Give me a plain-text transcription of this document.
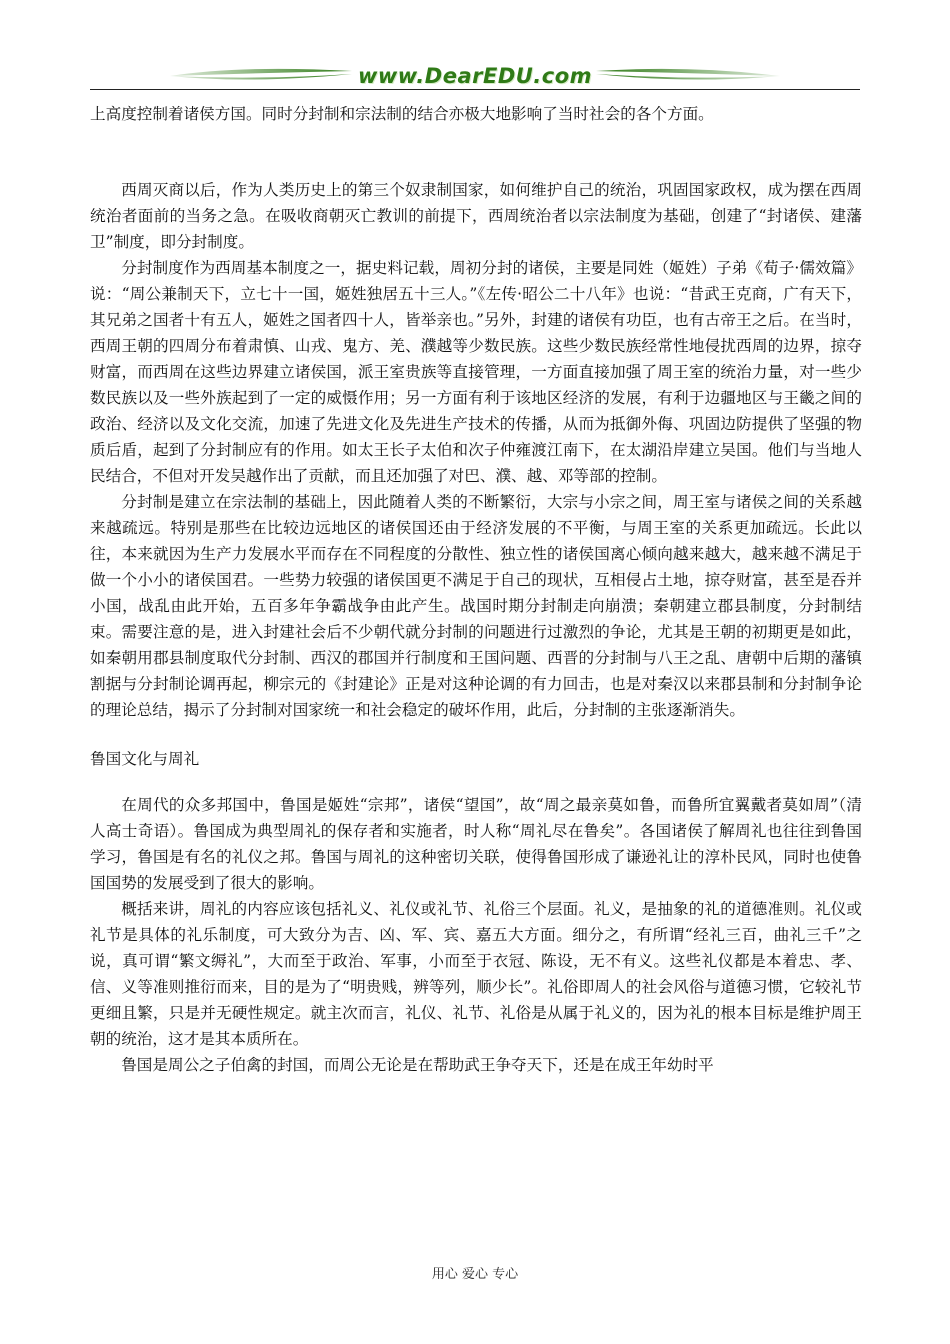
www.DearEDU.com

上高度控制着诸侯方国。同时分封制和宗法制的结合亦极大地影响了当时社会的各个方面。

西周灭商以后，作为人类历史上的第三个奴隶制国家，如何维护自己的统治，巩固国家政权，成为摆在西周统治者面前的当务之急。在吸收商朝灭亡教训的前提下，西周统治者以宗法制度为基础，创建了“封诸侯、建藩卫”制度，即分封制度。

分封制度作为西周基本制度之一，据史料记载，周初分封的诸侯，主要是同姓（姬姓）子弟《荀子·儒效篇》说：“周公兼制天下，立七十一国，姬姓独居五十三人。”《左传·昭公二十八年》也说：“昔武王克商，广有天下，其兄弟之国者十有五人，姬姓之国者四十人，皆举亲也。”另外，封建的诸侯有功臣，也有古帝王之后。在当时，西周王朝的四周分布着肃慎、山戎、鬼方、羌、濮越等少数民族。这些少数民族经常性地侵扰西周的边界，掠夺财富，而西周在这些边界建立诸侯国，派王室贵族等直接管理，一方面直接加强了周王室的统治力量，对一些少数民族以及一些外族起到了一定的威慑作用；另一方面有利于该地区经济的发展，有利于边疆地区与王畿之间的政治、经济以及文化交流，加速了先进文化及先进生产技术的传播，从而为抵御外侮、巩固边防提供了坚强的物质后盾，起到了分封制应有的作用。如太王长子太伯和次子仲雍渡江南下，在太湖沿岸建立吴国。他们与当地人民结合，不但对开发吴越作出了贡献，而且还加强了对巴、濮、越、邓等部的控制。

分封制是建立在宗法制的基础上，因此随着人类的不断繁衍，大宗与小宗之间，周王室与诸侯之间的关系越来越疏远。特别是那些在比较边远地区的诸侯国还由于经济发展的不平衡，与周王室的关系更加疏远。长此以往，本来就因为生产力发展水平而存在不同程度的分散性、独立性的诸侯国离心倾向越来越大，越来越不满足于做一个小小的诸侯国君。一些势力较强的诸侯国更不满足于自己的现状，互相侵占土地，掠夺财富，甚至是吞并小国，战乱由此开始，五百多年争霸战争由此产生。战国时期分封制走向崩溃；秦朝建立郡县制度，分封制结束。需要注意的是，进入封建社会后不少朝代就分封制的问题进行过激烈的争论，尤其是王朝的初期更是如此，如秦朝用郡县制度取代分封制、西汉的郡国并行制度和王国问题、西晋的分封制与八王之乱、唐朝中后期的藩镇割据与分封制论调再起，柳宗元的《封建论》正是对这种论调的有力回击，也是对秦汉以来郡县制和分封制争论的理论总结，揭示了分封制对国家统一和社会稳定的破坏作用，此后，分封制的主张逐渐消失。

鲁国文化与周礼

在周代的众多邦国中，鲁国是姬姓“宗邦”，诸侯“望国”，故“周之最亲莫如鲁，而鲁所宜翼戴者莫如周”（清人高士奇语）。鲁国成为典型周礼的保存者和实施者，时人称“周礼尽在鲁矣”。各国诸侯了解周礼也往往到鲁国学习，鲁国是有名的礼仪之邦。鲁国与周礼的这种密切关联，使得鲁国形成了谦逊礼让的淳朴民风，同时也使鲁国国势的发展受到了很大的影响。

概括来讲，周礼的内容应该包括礼义、礼仪或礼节、礼俗三个层面。礼义，是抽象的礼的道德准则。礼仪或礼节是具体的礼乐制度，可大致分为吉、凶、军、宾、嘉五大方面。细分之，有所谓“经礼三百，曲礼三千”之说，真可谓“繁文缛礼”，大而至于政治、军事，小而至于衣冠、陈设，无不有义。这些礼仪都是本着忠、孝、信、义等准则推衍而来，目的是为了“明贵贱，辨等列，顺少长”。礼俗即周人的社会风俗与道德习惯，它较礼节更细且繁，只是并无硬性规定。就主次而言，礼仪、礼节、礼俗是从属于礼义的，因为礼的根本目标是维护周王朝的统治，这才是其本质所在。

鲁国是周公之子伯禽的封国，而周公无论是在帮助武王争夺天下，还是在成王年幼时平

用心 爱心 专心
